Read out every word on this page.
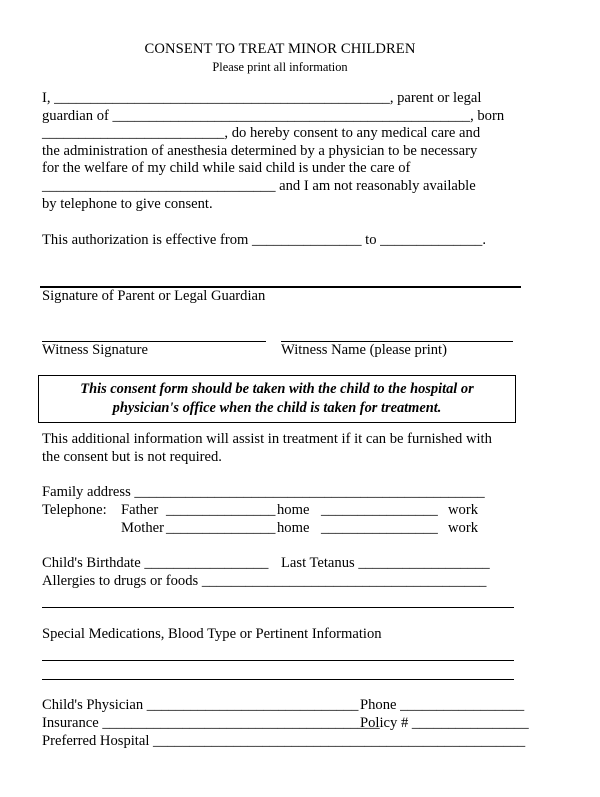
CONSENT TO TREAT MINOR CHILDREN
Please print all information
I, ______________________________________________, parent or legal
guardian of _________________________________________________, born
_________________________, do hereby consent to any medical care and
the administration of anesthesia determined by a physician to be necessary
for the welfare of my child while said child is under the care of
________________________________ and I am not reasonably available
by telephone to give consent.
This authorization is effective from _______________ to ______________.
Signature of Parent or Legal Guardian
Witness Signature	Witness Name (please print)
This consent form should be taken with the child to the hospital or
physician's office when the child is taken for treatment.
This additional information will assist in treatment if it can be furnished with
the consent but is not required.
Family address ________________________________________________
Telephone: Father _______________ home ________________ work
Mother _______________ home ________________ work
Child's Birthdate _________________ Last Tetanus __________________
Allergies to drugs or foods _______________________________________
Special Medications, Blood Type or Pertinent Information
Child's Physician _____________________________ Phone _________________
Insurance ______________________________________
Policy # ________________
Preferred Hospital ___________________________________________________
